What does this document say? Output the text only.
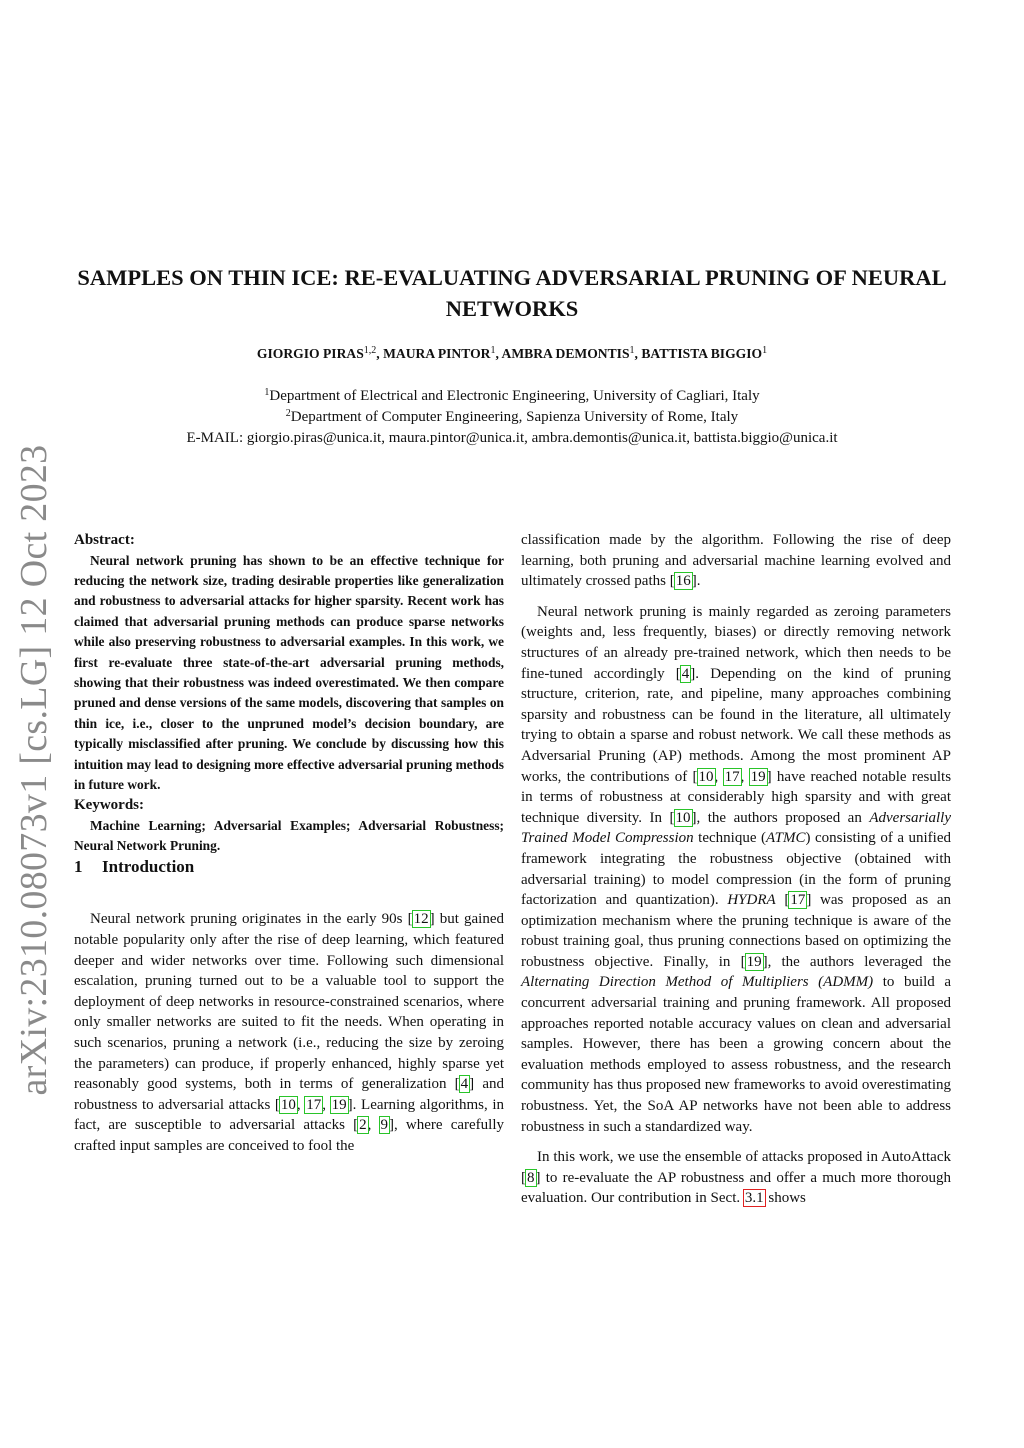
arXiv:2310.08073v1 [cs.LG] 12 Oct 2023
SAMPLES ON THIN ICE: RE-EVALUATING ADVERSARIAL PRUNING OF NEURAL NETWORKS
GIORGIO PIRAS$^{1,2}$, MAURA PINTOR$^1$, AMBRA DEMONTIS$^1$, BATTISTA BIGGIO$^1$
$^1$Department of Electrical and Electronic Engineering, University of Cagliari, Italy
$^2$Department of Computer Engineering, Sapienza University of Rome, Italy
E-MAIL: giorgio.piras@unica.it, maura.pintor@unica.it, ambra.demontis@unica.it, battista.biggio@unica.it

Abstract:

Neural network pruning has shown to be an effective technique for reducing the network size, trading desirable properties like generalization and robustness to adversarial attacks for higher sparsity. Recent work has claimed that adversarial pruning methods can produce sparse networks while also preserving robustness to adversarial examples. In this work, we first re-evaluate three state-of-the-art adversarial pruning methods, showing that their robustness was indeed overestimated. We then compare pruned and dense versions of the same models, discovering that samples on thin ice, i.e., closer to the unpruned model’s decision boundary, are typically misclassified after pruning. We conclude by discussing how this intuition may lead to designing more effective adversarial pruning methods in future work.

Keywords:

Machine Learning; Adversarial Examples; Adversarial Robustness; Neural Network Pruning.

1 Introduction

Neural network pruning originates in the early 90s [12] but gained notable popularity only after the rise of deep learning, which featured deeper and wider networks over time. Following such dimensional escalation, pruning turned out to be a valuable tool to support the deployment of deep networks in resource-constrained scenarios, where only smaller networks are suited to fit the needs. When operating in such scenarios, pruning a network (i.e., reducing the size by zeroing the parameters) can produce, if properly enhanced, highly sparse yet reasonably good systems, both in terms of generalization [4] and robustness to adversarial attacks [10, 17, 19]. Learning algorithms, in fact, are susceptible to adversarial attacks [2, 9], where carefully crafted input samples are conceived to fool the

classification made by the algorithm. Following the rise of deep learning, both pruning and adversarial machine learning evolved and ultimately crossed paths [16].

Neural network pruning is mainly regarded as zeroing parameters (weights and, less frequently, biases) or directly removing network structures of an already pre-trained network, which then needs to be fine-tuned accordingly [4]. Depending on the kind of pruning structure, criterion, rate, and pipeline, many approaches combining sparsity and robustness can be found in the literature, all ultimately trying to obtain a sparse and robust network. We call these methods as Adversarial Pruning (AP) methods. Among the most prominent AP works, the contributions of [10, 17, 19] have reached notable results in terms of robustness at considerably high sparsity and with great technique diversity. In [10], the authors proposed an Adversarially Trained Model Compression technique (ATMC) consisting of a unified framework integrating the robustness objective (obtained with adversarial training) to model compression (in the form of pruning factorization and quantization). HYDRA [17] was proposed as an optimization mechanism where the pruning technique is aware of the robust training goal, thus pruning connections based on optimizing the robustness objective. Finally, in [19], the authors leveraged the Alternating Direction Method of Multipliers (ADMM) to build a concurrent adversarial training and pruning framework. All proposed approaches reported notable accuracy values on clean and adversarial samples. However, there has been a growing concern about the evaluation methods employed to assess robustness, and the research community has thus proposed new frameworks to avoid overestimating robustness. Yet, the SoA AP networks have not been able to address robustness in such a standardized way.

In this work, we use the ensemble of attacks proposed in AutoAttack [8] to re-evaluate the AP robustness and offer a much more thorough evaluation. Our contribution in Sect. 3.1 shows
